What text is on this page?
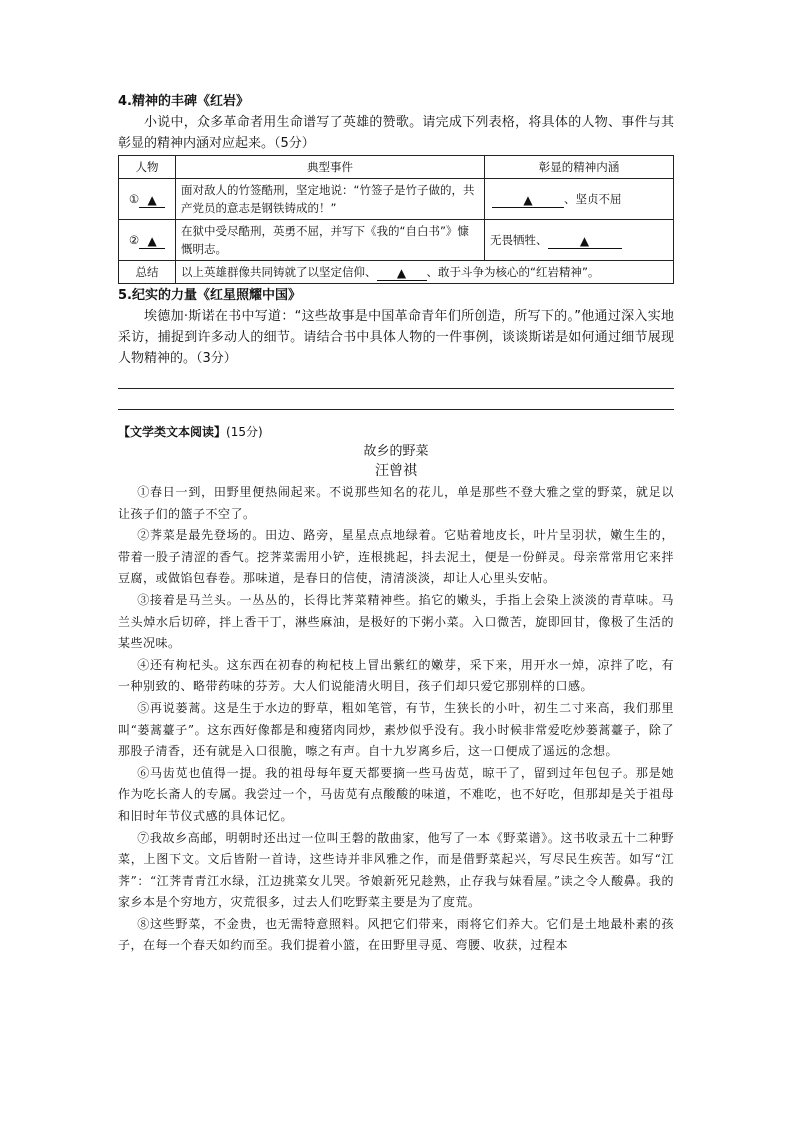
4.精神的丰碑《红岩》

小说中，众多革命者用生命谱写了英雄的赞歌。请完成下列表格，将具体的人物、事件与其彰显的精神内涵对应起来。（5分）

人物	典型事件	彰显的精神内涵
① ▲	面对敌人的竹签酷刑，坚定地说：“竹签子是竹子做的，共产党员的意志是钢铁铸成的！”	▲ 、坚贞不屈
② ▲	在狱中受尽酷刑，英勇不屈，并写下《我的“自白书”》慷慨明志。	无畏牺牲、 ▲
总结	以上英雄群像共同铸就了以坚定信仰、 ▲ 、敢于斗争为核心的“红岩精神”。	

5.纪实的力量《红星照耀中国》

埃德加·斯诺在书中写道：“这些故事是中国革命青年们所创造，所写下的。”他通过深入实地采访，捕捉到许多动人的细节。请结合书中具体人物的一件事例，谈谈斯诺是如何通过细节展现人物精神的。（3分）

【文学类文本阅读】(15分)
故乡的野菜
汪曾祺

①春日一到，田野里便热闹起来。不说那些知名的花儿，单是那些不登大雅之堂的野菜，就足以让孩子们的篮子不空了。

②荠菜是最先登场的。田边、路旁，星星点点地绿着。它贴着地皮长，叶片呈羽状，嫩生生的，带着一股子清涩的香气。挖荠菜需用小铲，连根挑起，抖去泥土，便是一份鲜灵。母亲常常用它来拌豆腐，或做馅包春卷。那味道，是春日的信使，清清淡淡，却让人心里头安帖。

③接着是马兰头。一丛丛的，长得比荠菜精神些。掐它的嫩头，手指上会染上淡淡的青草味。马兰头焯水后切碎，拌上香干丁，淋些麻油，是极好的下粥小菜。入口微苦，旋即回甘，像极了生活的某些况味。

④还有枸杞头。这东西在初春的枸杞枝上冒出紫红的嫩芽，采下来，用开水一焯，凉拌了吃，有一种别致的、略带药味的芬芳。大人们说能清火明目，孩子们却只爱它那别样的口感。

⑤再说蒌蒿。这是生于水边的野草，粗如笔管，有节，生狭长的小叶，初生二寸来高，我们那里叫“蒌蒿薹子”。这东西好像都是和瘦猪肉同炒，素炒似乎没有。我小时候非常爱吃炒蒌蒿薹子，除了那股子清香，还有就是入口很脆，嚓之有声。自十九岁离乡后，这一口便成了遥远的念想。

⑥马齿苋也值得一提。我的祖母每年夏天都要摘一些马齿苋，晾干了，留到过年包包子。那是她作为吃长斋人的专属。我尝过一个，马齿苋有点酸酸的味道，不难吃，也不好吃，但那却是关于祖母和旧时年节仪式感的具体记忆。

⑦我故乡高邮，明朝时还出过一位叫王磐的散曲家，他写了一本《野菜谱》。这书收录五十二种野菜，上图下文。文后皆附一首诗，这些诗并非风雅之作，而是借野菜起兴，写尽民生疾苦。如写“江荠”：“江荠青青江水绿，江边挑菜女儿哭。爷娘新死兄趁熟，止存我与妹看屋。”读之令人酸鼻。我的家乡本是个穷地方，灾荒很多，过去人们吃野菜主要是为了度荒。

⑧这些野菜，不金贵，也无需特意照料。风把它们带来，雨将它们养大。它们是土地最朴素的孩子，在每一个春天如约而至。我们提着小篮，在田野里寻觅、弯腰、收获，过程本
